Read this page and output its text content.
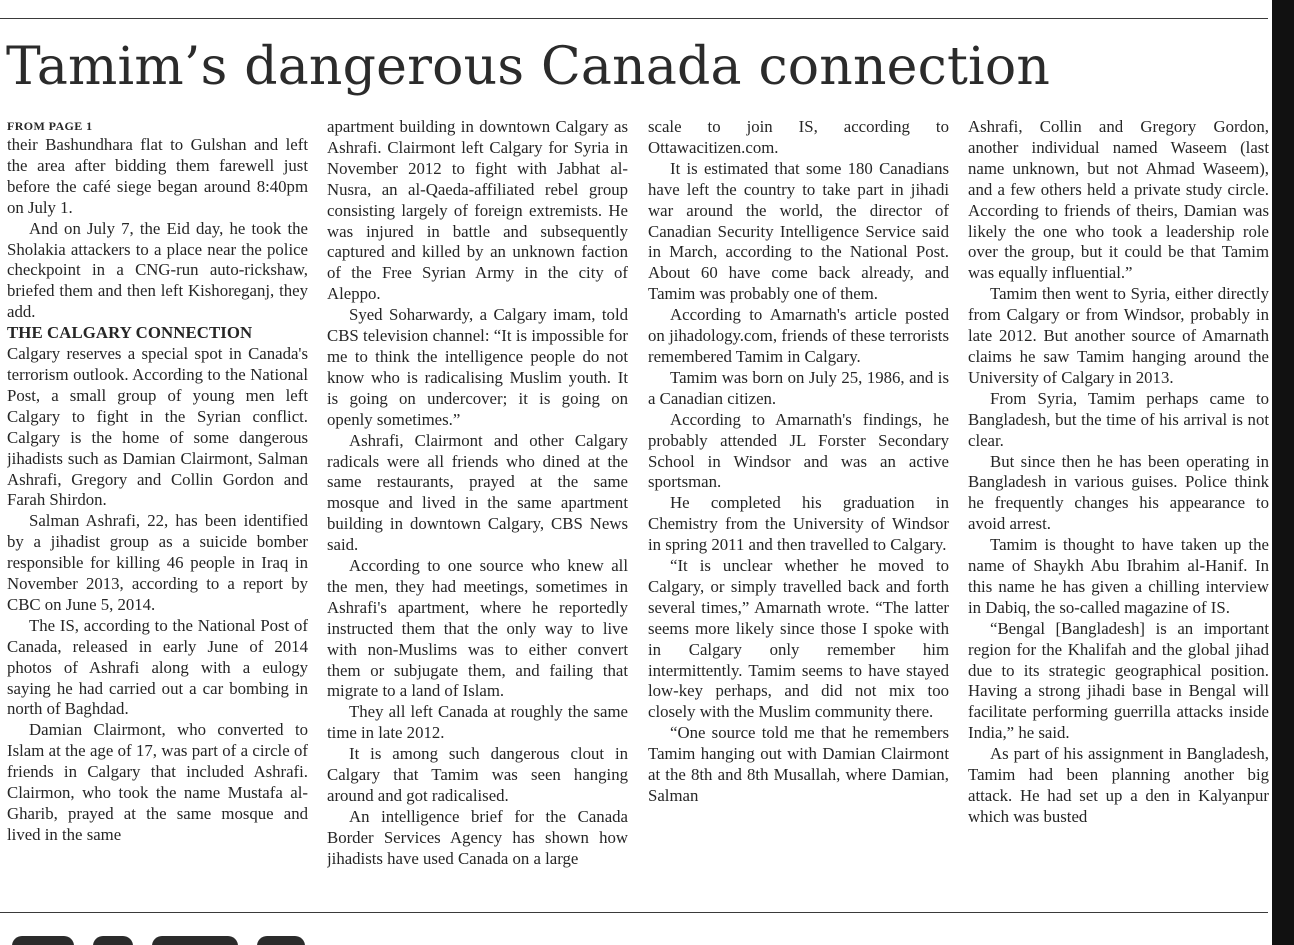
Tamim’s dangerous Canada connection
FROM PAGE 1

their Bashundhara flat to Gulshan and left the area after bidding them farewell just before the café siege began around 8:40pm on July 1.

And on July 7, the Eid day, he took the Sholakia attackers to a place near the police checkpoint in a CNG-run auto-rickshaw, briefed them and then left Kishoreganj, they add.

THE CALGARY CONNECTION

Calgary reserves a special spot in Canada's terrorism outlook. According to the National Post, a small group of young men left Calgary to fight in the Syrian conflict. Calgary is the home of some dangerous jihadists such as Damian Clairmont, Salman Ashrafi, Gregory and Collin Gordon and Farah Shirdon.

Salman Ashrafi, 22, has been identified by a jihadist group as a suicide bomber responsible for killing 46 people in Iraq in November 2013, according to a report by CBC on June 5, 2014.

The IS, according to the National Post of Canada, released in early June of 2014 photos of Ashrafi along with a eulogy saying he had carried out a car bombing in north of Baghdad.

Damian Clairmont, who converted to Islam at the age of 17, was part of a circle of friends in Calgary that included Ashrafi. Clairmon, who took the name Mustafa al-Gharib, prayed at the same mosque and lived in the same

apartment building in downtown Calgary as Ashrafi. Clairmont left Calgary for Syria in November 2012 to fight with Jabhat al-Nusra, an al-Qaeda-affiliated rebel group consisting largely of foreign extremists. He was injured in battle and subsequently captured and killed by an unknown faction of the Free Syrian Army in the city of Aleppo.

Syed Soharwardy, a Calgary imam, told CBS television channel: “It is impossible for me to think the intelligence people do not know who is radicalising Muslim youth. It is going on undercover; it is going on openly sometimes.”

Ashrafi, Clairmont and other Calgary radicals were all friends who dined at the same restaurants, prayed at the same mosque and lived in the same apartment building in downtown Calgary, CBS News said.

According to one source who knew all the men, they had meetings, sometimes in Ashrafi's apartment, where he reportedly instructed them that the only way to live with non-Muslims was to either convert them or subjugate them, and failing that migrate to a land of Islam.

They all left Canada at roughly the same time in late 2012.

It is among such dangerous clout in Calgary that Tamim was seen hanging around and got radicalised.

An intelligence brief for the Canada Border Services Agency has shown how jihadists have used Canada on a large

scale to join IS, according to Ottawacitizen.com.

It is estimated that some 180 Canadians have left the country to take part in jihadi war around the world, the director of Canadian Security Intelligence Service said in March, according to the National Post. About 60 have come back already, and Tamim was probably one of them.

According to Amarnath's article posted on jihadology.com, friends of these terrorists remembered Tamim in Calgary.

Tamim was born on July 25, 1986, and is a Canadian citizen.

According to Amarnath's findings, he probably attended JL Forster Secondary School in Windsor and was an active sportsman.

He completed his graduation in Chemistry from the University of Windsor in spring 2011 and then travelled to Calgary.

“It is unclear whether he moved to Calgary, or simply travelled back and forth several times,” Amarnath wrote. “The latter seems more likely since those I spoke with in Calgary only remember him intermittently. Tamim seems to have stayed low-key perhaps, and did not mix too closely with the Muslim community there.

“One source told me that he remembers Tamim hanging out with Damian Clairmont at the 8th and 8th Musallah, where Damian, Salman

Ashrafi, Collin and Gregory Gordon, another individual named Waseem (last name unknown, but not Ahmad Waseem), and a few others held a private study circle. According to friends of theirs, Damian was likely the one who took a leadership role over the group, but it could be that Tamim was equally influential.”

Tamim then went to Syria, either directly from Calgary or from Windsor, probably in late 2012. But another source of Amarnath claims he saw Tamim hanging around the University of Calgary in 2013.

From Syria, Tamim perhaps came to Bangladesh, but the time of his arrival is not clear.

But since then he has been operating in Bangladesh in various guises. Police think he frequently changes his appearance to avoid arrest.

Tamim is thought to have taken up the name of Shaykh Abu Ibrahim al-Hanif. In this name he has given a chilling interview in Dabiq, the so-called magazine of IS.

“Bengal [Bangladesh] is an important region for the Khalifah and the global jihad due to its strategic geographical position. Having a strong jihadi base in Bengal will facilitate performing guerrilla attacks inside India,” he said.

As part of his assignment in Bangladesh, Tamim had been planning another big attack. He had set up a den in Kalyanpur which was busted
